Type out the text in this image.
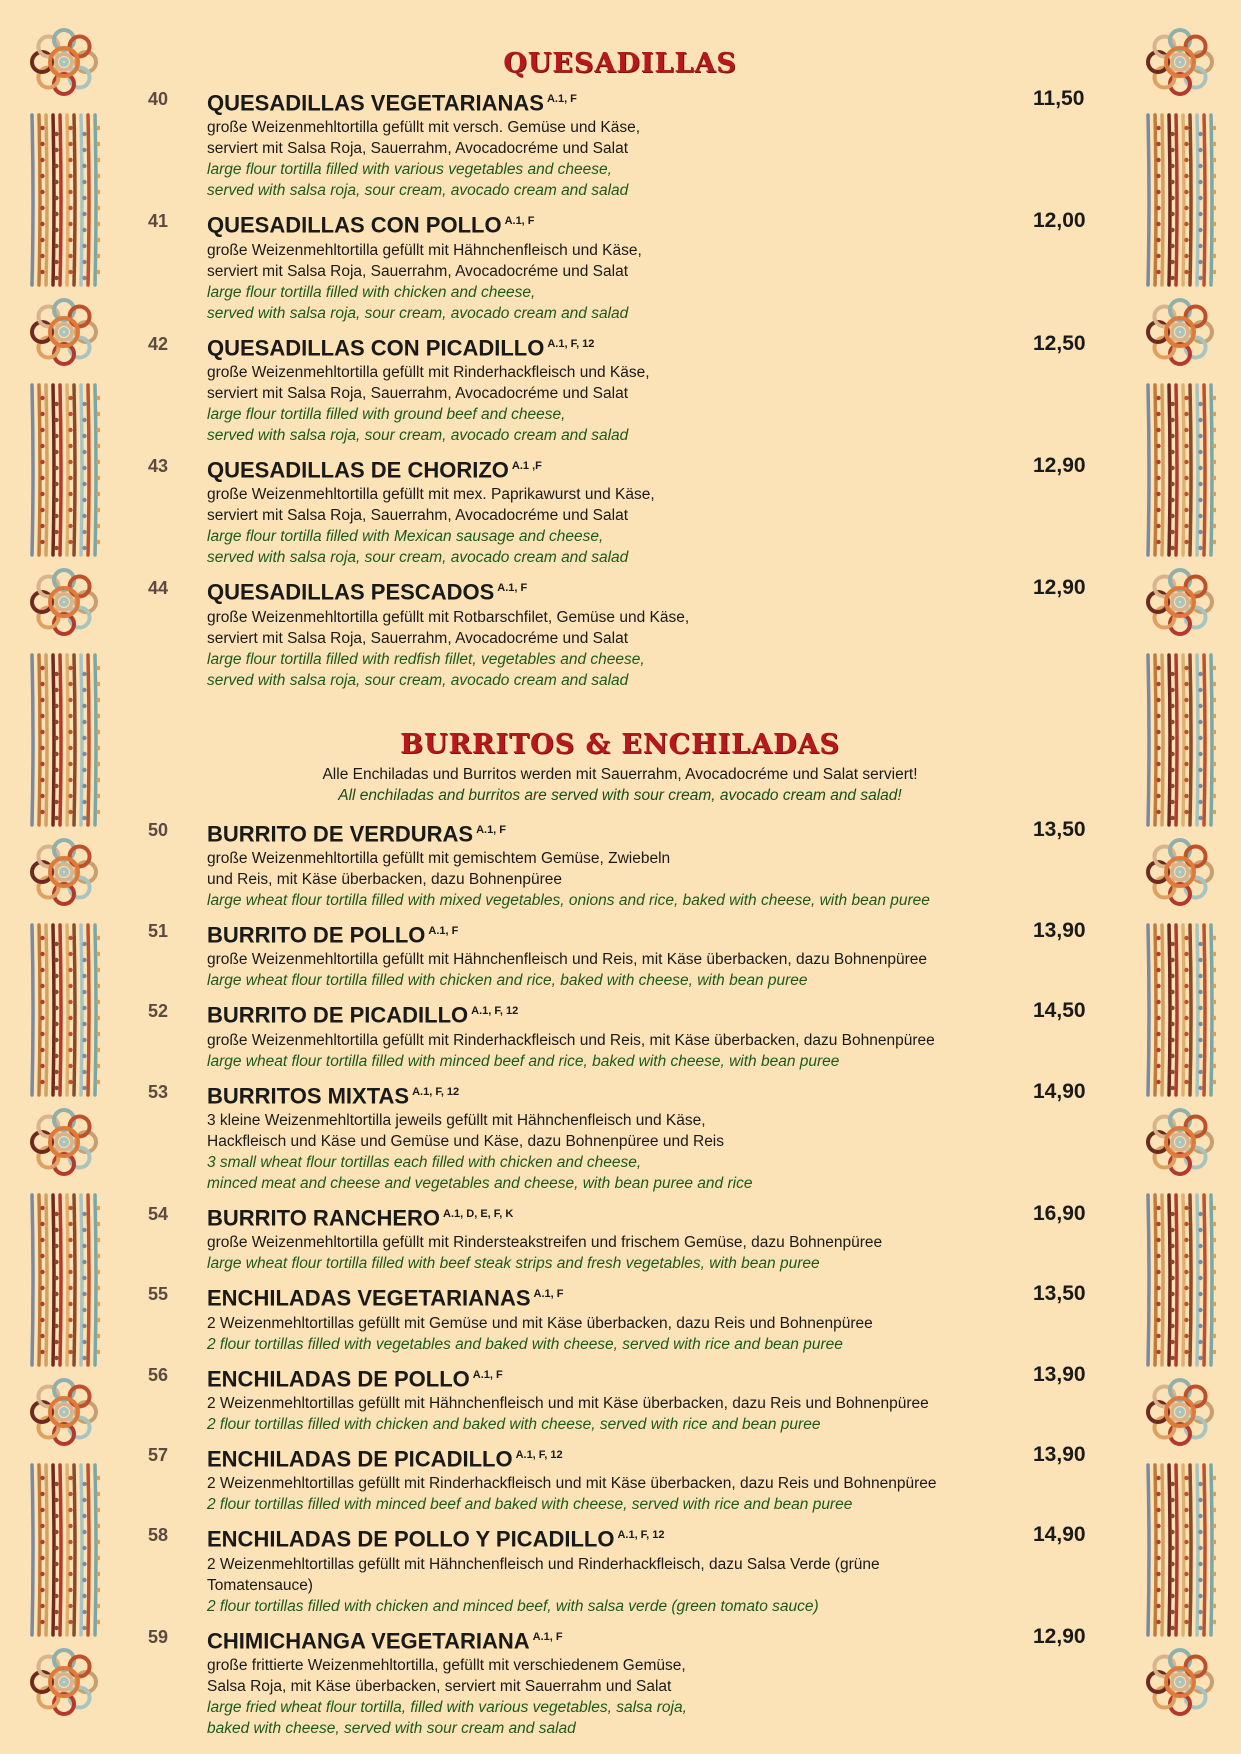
QUESADILLAS
40	11,50
QUESADILLAS VEGETARIANAS $^{A.1, F}$
große Weizenmehltortilla gefüllt mit versch. Gemüse und Käse,
serviert mit Salsa Roja, Sauerrahm, Avocadocréme und Salat
large flour tortilla filled with various vegetables and cheese,
served with salsa roja, sour cream, avocado cream and salad
41	12,00
QUESADILLAS CON POLLO $^{A.1, F}$
große Weizenmehltortilla gefüllt mit Hähnchenfleisch und Käse,
serviert mit Salsa Roja, Sauerrahm, Avocadocréme und Salat
large flour tortilla filled with chicken and cheese,
served with salsa roja, sour cream, avocado cream and salad
42	12,50
QUESADILLAS CON PICADILLO $^{A.1, F, 12}$
große Weizenmehltortilla gefüllt mit Rinderhackfleisch und Käse,
serviert mit Salsa Roja, Sauerrahm, Avocadocréme und Salat
large flour tortilla filled with ground beef and cheese,
served with salsa roja, sour cream, avocado cream and salad
43	12,90
QUESADILLAS DE CHORIZO $^{A.1 ,F}$
große Weizenmehltortilla gefüllt mit mex. Paprikawurst und Käse,
serviert mit Salsa Roja, Sauerrahm, Avocadocréme und Salat
large flour tortilla filled with Mexican sausage and cheese,
served with salsa roja, sour cream, avocado cream and salad
44	12,90
QUESADILLAS PESCADOS $^{A.1, F}$
große Weizenmehltortilla gefüllt mit Rotbarschfilet, Gemüse und Käse,
serviert mit Salsa Roja, Sauerrahm, Avocadocréme und Salat
large flour tortilla filled with redfish fillet, vegetables and cheese,
served with salsa roja, sour cream, avocado cream and salad
BURRITOS & ENCHILADAS
Alle Enchiladas und Burritos werden mit Sauerrahm, Avocadocréme und Salat serviert!
All enchiladas and burritos are served with sour cream, avocado cream and salad!
50	13,50
BURRITO DE VERDURAS $^{A.1, F}$
große Weizenmehltortilla gefüllt mit gemischtem Gemüse, Zwiebeln
und Reis, mit Käse überbacken, dazu Bohnenpüree
large wheat flour tortilla filled with mixed vegetables, onions and rice, baked with cheese, with bean puree
51	13,90
BURRITO DE POLLO $^{A.1, F}$
große Weizenmehltortilla gefüllt mit Hähnchenfleisch und Reis, mit Käse überbacken, dazu Bohnenpüree
large wheat flour tortilla filled with chicken and rice, baked with cheese, with bean puree
52	14,50
BURRITO DE PICADILLO $^{A.1, F, 12}$
große Weizenmehltortilla gefüllt mit Rinderhackfleisch und Reis, mit Käse überbacken, dazu Bohnenpüree
large wheat flour tortilla filled with minced beef and rice, baked with cheese, with bean puree
53	14,90
BURRITOS MIXTAS $^{A.1, F, 12}$
3 kleine Weizenmehltortilla jeweils gefüllt mit Hähnchenfleisch und Käse,
Hackfleisch und Käse und Gemüse und Käse, dazu Bohnenpüree und Reis
3 small wheat flour tortillas each filled with chicken and cheese,
minced meat and cheese and vegetables and cheese, with bean puree and rice
54	16,90
BURRITO RANCHERO $^{A.1, D, E, F, K}$
große Weizenmehltortilla gefüllt mit Rindersteakstreifen und frischem Gemüse, dazu Bohnenpüree
large wheat flour tortilla filled with beef steak strips and fresh vegetables, with bean puree
55	13,50
ENCHILADAS VEGETARIANAS $^{A.1, F}$
2 Weizenmehltortillas gefüllt mit Gemüse und mit Käse überbacken, dazu Reis und Bohnenpüree
2 flour tortillas filled with vegetables and baked with cheese, served with rice and bean puree
56	13,90
ENCHILADAS DE POLLO $^{A.1, F}$
2 Weizenmehltortillas gefüllt mit Hähnchenfleisch und mit Käse überbacken, dazu Reis und Bohnenpüree
2 flour tortillas filled with chicken and baked with cheese, served with rice and bean puree
57	13,90
ENCHILADAS DE PICADILLO $^{A.1, F, 12}$
2 Weizenmehltortillas gefüllt mit Rinderhackfleisch und mit Käse überbacken, dazu Reis und Bohnenpüree
2 flour tortillas filled with minced beef and baked with cheese, served with rice and bean puree
58	14,90
ENCHILADAS DE POLLO Y PICADILLO $^{A.1, F, 12}$
2 Weizenmehltortillas gefüllt mit Hähnchenfleisch und Rinderhackfleisch, dazu Salsa Verde (grüne Tomatensauce)
2 flour tortillas filled with chicken and minced beef, with salsa verde (green tomato sauce)
59	12,90
CHIMICHANGA VEGETARIANA $^{A.1, F}$
große frittierte Weizenmehltortilla, gefüllt mit verschiedenem Gemüse,
Salsa Roja, mit Käse überbacken, serviert mit Sauerrahm und Salat
large fried wheat flour tortilla, filled with various vegetables, salsa roja,
baked with cheese, served with sour cream and salad
